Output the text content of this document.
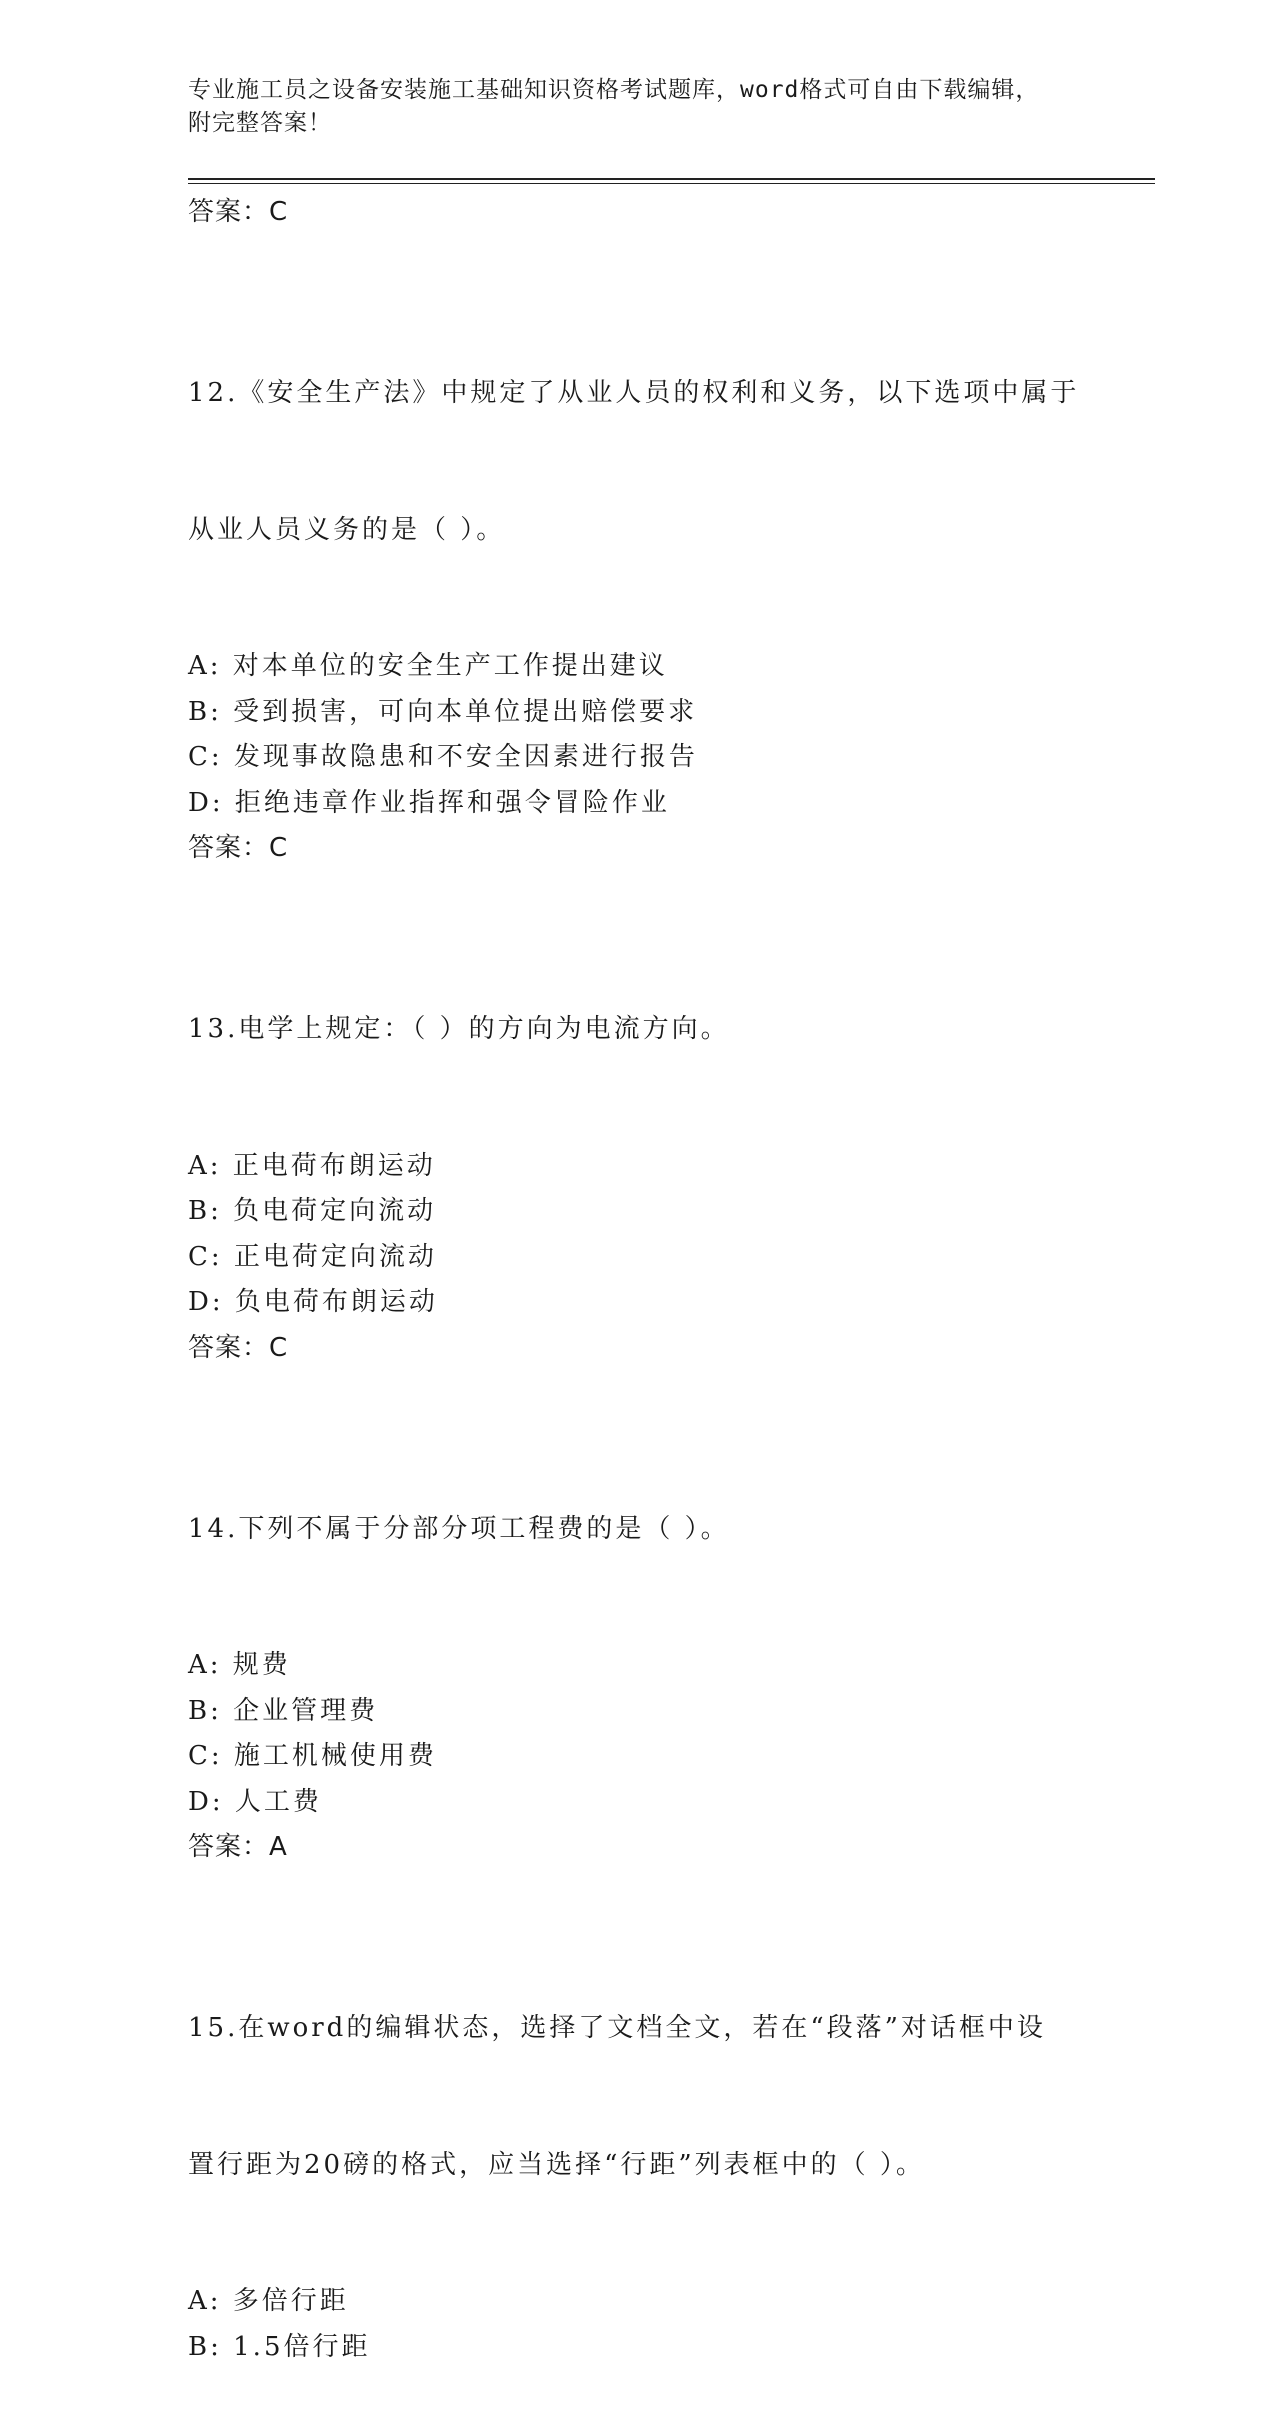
专业施工员之设备安装施工基础知识资格考试题库，word格式可自由下载编辑，
附完整答案！
答案：C

12.《安全生产法》中规定了从业人员的权利和义务，以下选项中属于

从业人员义务的是（ ）。

A: 对本单位的安全生产工作提出建议
B: 受到损害，可向本单位提出赔偿要求
C: 发现事故隐患和不安全因素进行报告
D: 拒绝违章作业指挥和强令冒险作业
答案：C

13.电学上规定：（ ）的方向为电流方向。

A: 正电荷布朗运动
B: 负电荷定向流动
C: 正电荷定向流动
D: 负电荷布朗运动
答案：C

14.下列不属于分部分项工程费的是（ ）。

A: 规费
B: 企业管理费
C: 施工机械使用费
D: 人工费
答案：A

15.在word的编辑状态，选择了文档全文，若在“段落”对话框中设

置行距为20磅的格式，应当选择“行距”列表框中的（ ）。

A: 多倍行距
B: 1.5倍行距
